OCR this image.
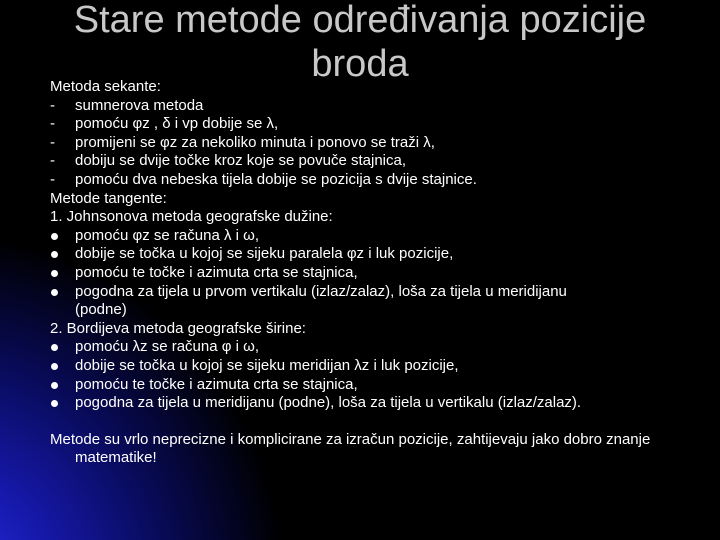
Stare metode određivanja pozicije
broda

Metoda sekante:

- sumnerova metoda

- pomoću φz , δ i vp dobije se λ,

- promijeni se φz za nekoliko minuta i ponovo se traži λ,

- dobiju se dvije točke kroz koje se povuče stajnica,

- pomoću dva nebeska tijela dobije se pozicija s dvije stajnice.

Metode tangente:

1. Johnsonova metoda geografske dužine:

pomoću φz se računa λ i ω,

dobije se točka u kojoj se sijeku paralela φz i luk pozicije,

pomoću te točke i azimuta crta se stajnica,

pogodna za tijela u prvom vertikalu (izlaz/zalaz), loša za tijela u meridijanu

(podne)

2. Bordijeva metoda geografske širine:

pomoću λz se računa φ i ω,

dobije se točka u kojoj se sijeku meridijan λz i luk pozicije,

pomoću te točke i azimuta crta se stajnica,

pogodna za tijela u meridijanu (podne), loša za tijela u vertikalu (izlaz/zalaz).

Metode su vrlo neprecizne i komplicirane za izračun pozicije, zahtijevaju jako dobro znanje matematike!
